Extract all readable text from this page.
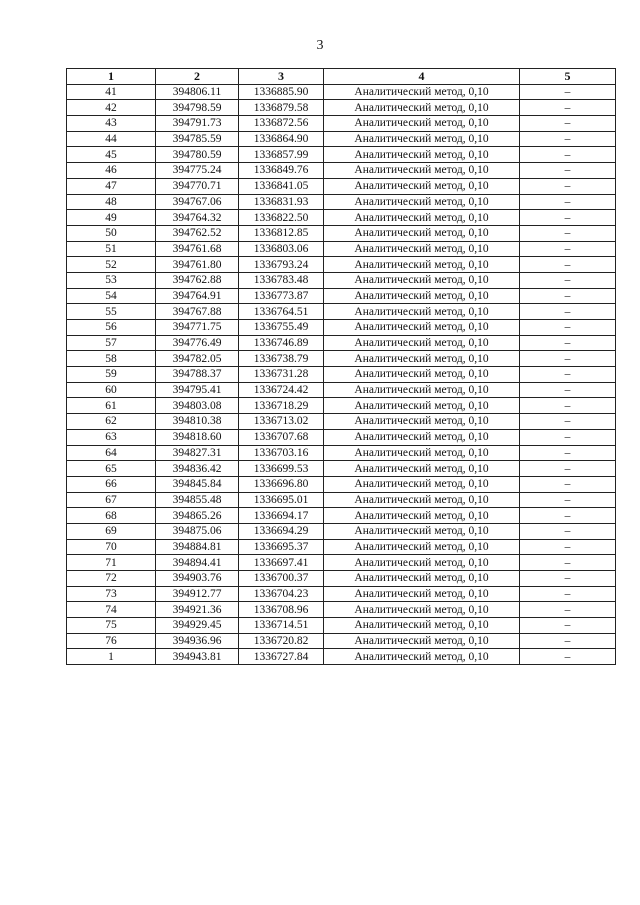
3
1	2	3	4	5
41	394806.11	1336885.90	Аналитический метод, 0,10	–
42	394798.59	1336879.58	Аналитический метод, 0,10	–
43	394791.73	1336872.56	Аналитический метод, 0,10	–
44	394785.59	1336864.90	Аналитический метод, 0,10	–
45	394780.59	1336857.99	Аналитический метод, 0,10	–
46	394775.24	1336849.76	Аналитический метод, 0,10	–
47	394770.71	1336841.05	Аналитический метод, 0,10	–
48	394767.06	1336831.93	Аналитический метод, 0,10	–
49	394764.32	1336822.50	Аналитический метод, 0,10	–
50	394762.52	1336812.85	Аналитический метод, 0,10	–
51	394761.68	1336803.06	Аналитический метод, 0,10	–
52	394761.80	1336793.24	Аналитический метод, 0,10	–
53	394762.88	1336783.48	Аналитический метод, 0,10	–
54	394764.91	1336773.87	Аналитический метод, 0,10	–
55	394767.88	1336764.51	Аналитический метод, 0,10	–
56	394771.75	1336755.49	Аналитический метод, 0,10	–
57	394776.49	1336746.89	Аналитический метод, 0,10	–
58	394782.05	1336738.79	Аналитический метод, 0,10	–
59	394788.37	1336731.28	Аналитический метод, 0,10	–
60	394795.41	1336724.42	Аналитический метод, 0,10	–
61	394803.08	1336718.29	Аналитический метод, 0,10	–
62	394810.38	1336713.02	Аналитический метод, 0,10	–
63	394818.60	1336707.68	Аналитический метод, 0,10	–
64	394827.31	1336703.16	Аналитический метод, 0,10	–
65	394836.42	1336699.53	Аналитический метод, 0,10	–
66	394845.84	1336696.80	Аналитический метод, 0,10	–
67	394855.48	1336695.01	Аналитический метод, 0,10	–
68	394865.26	1336694.17	Аналитический метод, 0,10	–
69	394875.06	1336694.29	Аналитический метод, 0,10	–
70	394884.81	1336695.37	Аналитический метод, 0,10	–
71	394894.41	1336697.41	Аналитический метод, 0,10	–
72	394903.76	1336700.37	Аналитический метод, 0,10	–
73	394912.77	1336704.23	Аналитический метод, 0,10	–
74	394921.36	1336708.96	Аналитический метод, 0,10	–
75	394929.45	1336714.51	Аналитический метод, 0,10	–
76	394936.96	1336720.82	Аналитический метод, 0,10	–
1	394943.81	1336727.84	Аналитический метод, 0,10	–
